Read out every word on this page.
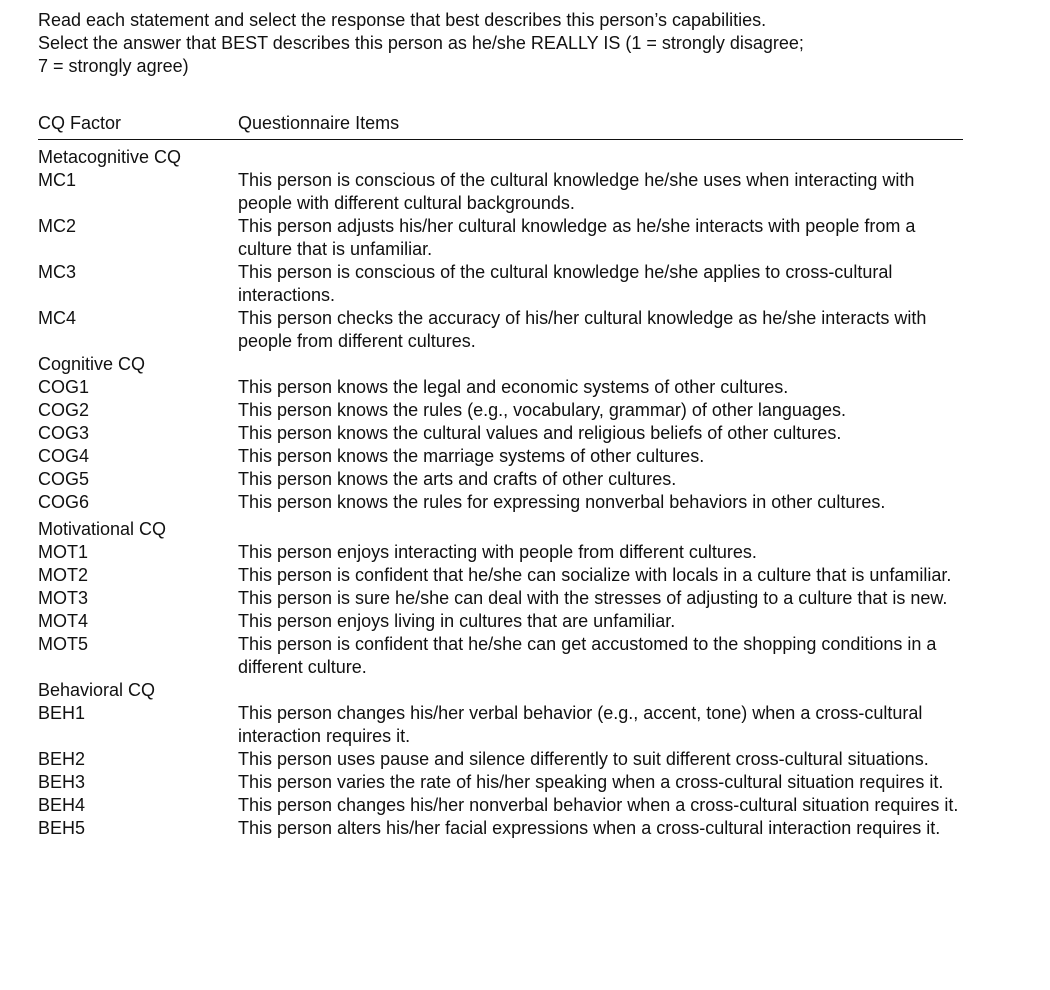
Read each statement and select the response that best describes this person’s capabilities.
Select the answer that BEST describes this person as he/she REALLY IS (1 = strongly disagree;
7 = strongly agree)
CQ Factor	Questionnaire Items
Metacognitive CQ
MC1	This person is conscious of the cultural knowledge he/she uses when interacting with people with different cultural backgrounds.
MC2	This person adjusts his/her cultural knowledge as he/she interacts with people from a culture that is unfamiliar.
MC3	This person is conscious of the cultural knowledge he/she applies to cross-cultural interactions.
MC4	This person checks the accuracy of his/her cultural knowledge as he/she interacts with people from different cultures.
Cognitive CQ
COG1	This person knows the legal and economic systems of other cultures.
COG2	This person knows the rules (e.g., vocabulary, grammar) of other languages.
COG3	This person knows the cultural values and religious beliefs of other cultures.
COG4	This person knows the marriage systems of other cultures.
COG5	This person knows the arts and crafts of other cultures.
COG6	This person knows the rules for expressing nonverbal behaviors in other cultures.
Motivational CQ
MOT1	This person enjoys interacting with people from different cultures.
MOT2	This person is confident that he/she can socialize with locals in a culture that is unfamiliar.
MOT3	This person is sure he/she can deal with the stresses of adjusting to a culture that is new.
MOT4	This person enjoys living in cultures that are unfamiliar.
MOT5	This person is confident that he/she can get accustomed to the shopping conditions in a different culture.
Behavioral CQ
BEH1	This person changes his/her verbal behavior (e.g., accent, tone) when a cross-cultural interaction requires it.
BEH2	This person uses pause and silence differently to suit different cross-cultural situations.
BEH3	This person varies the rate of his/her speaking when a cross-cultural situation requires it.
BEH4	This person changes his/her nonverbal behavior when a cross-cultural situation requires it.
BEH5	This person alters his/her facial expressions when a cross-cultural interaction requires it.
